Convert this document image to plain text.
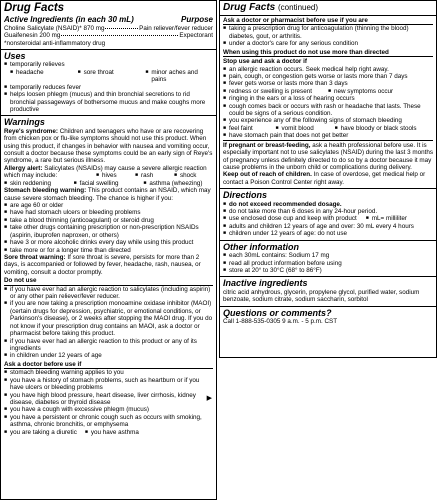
Drug Facts
Active Ingredients (in each 30 mL)	Purpose
Choline Salicylate (NSAID)* 870 mg	Pain reliever/fever reducer
Guaifenesin 200 mg	Expectorant
*nonsteroidal anti-inflammatory drug
Uses
■ temporarily relieves
■ headache	■ sore throat	■ minor aches and pains
■ temporarily reduces fever
■ helps loosen phlegm (mucus) and thin bronchial secretions to rid bronchial passageways of bothersome mucus and make coughs more productive
Warnings
Reye's syndrome: Children and teenagers who have or are recovering from chicken pox or flu-like symptoms should not use this product. When using this product, if changes in behavior with nausea and vomiting occur, consult a doctor because these symptoms could be an early sign of Reye's syndrome, a rare but serious illness.
Allergy alert: Salicylates (NSAIDs) may cause a severe allergic reaction which may include:	■ hives	■ rash	■ shock
■ skin reddening	■ facial swelling	■ asthma (wheezing)
Stomach bleeding warning: This product contains an NSAID, which may cause severe stomach bleeding. The chance is higher if you:
■ are age 60 or older
■ have had stomach ulcers or bleeding problems
■ take a blood thinning (anticoagulant) or steroid drug
■ take other drugs containing prescription or non-prescription NSAIDs (aspirin, ibuprofen naproxen, or others)
■ have 3 or more alcoholic drinks every day while using this product
■ take more or for a longer time than directed
Sore throat warning: If sore throat is severe, persists for more than 2 days, is accompanied or followed by fever, headache, rash, nausea, or vomiting, consult a doctor promptly.
Do not use
■ if you have ever had an allergic reaction to salicylates (including aspirin) or any other pain reliever/fever reducer.
■ if you are now taking a prescription monoamine oxidase inhibitor (MAOI) (certain drugs for depression, psychiatric, or emotional conditions, or Parkinson's disease), or 2 weeks after stopping the MAOI drug. If you do not know if your prescription drug contains an MAOI, ask a doctor or pharmacist before taking this product.
■ if you have ever had an allergic reaction to this product or any of its ingredients
■ in children under 12 years of age
Ask a doctor before use if
■ stomach bleeding warning applies to you
■ you have a history of stomach problems, such as heartburn or if you have ulcers or bleeding problems
■ you have high blood pressure, heart disease, liver cirrhosis, kidney disease, diabetes or thyroid disease
■ you have a cough with excessive phlegm (mucus)
■ you have a persistent or chronic cough such as occurs with smoking, asthma, chronic bronchitis, or emphysema
■ you are taking a diuretic	■ you have asthma
▶
Drug Facts (continued)
Ask a doctor or pharmacist before use if you are
■ taking a prescription drug for anticoagulation (thinning the blood) diabetes, gout, or arthritis.
■ under a doctor's care for any serious condition
When using this product do not use more than directed
Stop use and ask a doctor if
■ an allergic reaction occurs. Seek medical help right away.
■ pain, cough, or congestion gets worse or lasts more than 7 days
■ fever gets worse or lasts more than 3 days
■ redness or swelling is present	■ new symptoms occur
■ ringing in the ears or a loss of hearing occurs
■ cough comes back or occurs with rash or headache that lasts. These could be signs of a serious condition.
■ you experience any of the following signs of stomach bleeding
■ feel faint	■ vomit blood	■ have bloody or black stools
■ have stomach pain that does not get better
If pregnant or breast-feeding, ask a health professional before use. It is especially important not to use salicylates (NSAID) during the last 3 months of pregnancy unless definitely directed to do so by a doctor because it may cause problems in the unborn child or complications during delivery.
Keep out of reach of children. In case of overdose, get medical help or contact a Poison Control Center right away.
Directions
■ do not exceed recommended dosage.
■ do not take more than 6 doses in any 24-hour period.
■ use enclosed dose cup and keep with product ■ mL= milliliter
■ adults and children 12 years of age and over: 30 mL every 4 hours
■ children under 12 years of age: do not use
Other information
■ each 30mL contains: Sodium 17 mg
■ read all product information before using
■ store at 20° to 30°C (68° to 86°F)
Inactive ingredients
citric acid anhydrous, glycerin, propylene glycol, purified water, sodium benzoate, sodium citrate, sodium saccharin, sorbitol
Questions or comments?
Call 1-888-535-0305 9 a.m. - 5 p.m. CST
